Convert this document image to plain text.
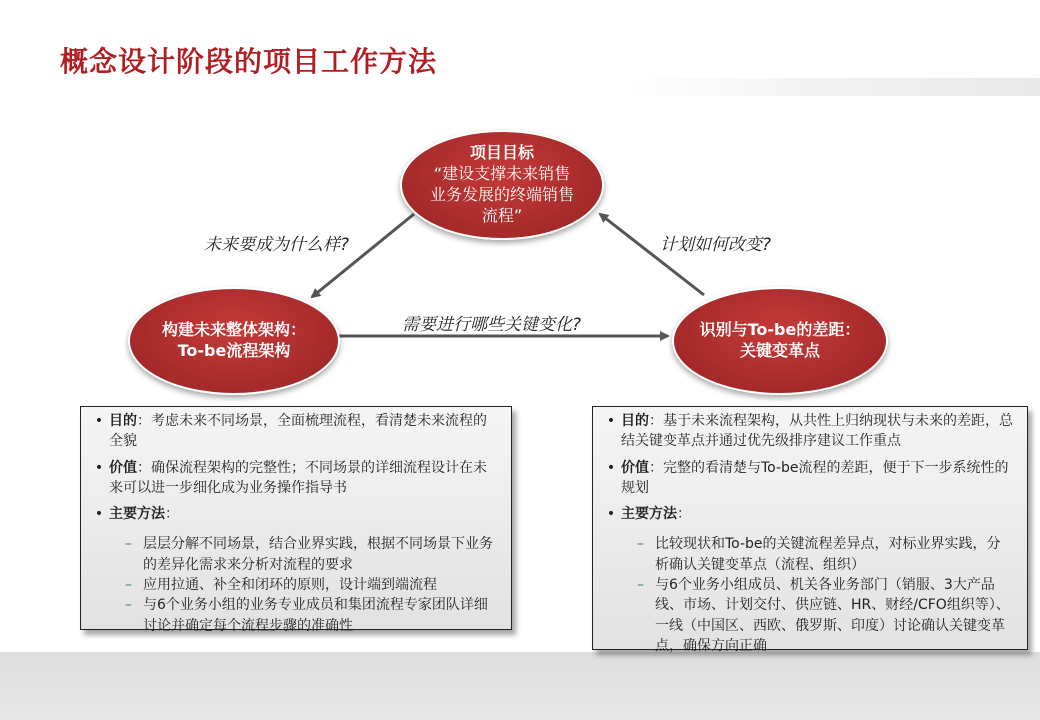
概念设计阶段的项目工作方法
项目目标
“建设支撑未来销售业务发展的终端销售流程”
构建未来整体架构：
To-be流程架构
识别与To-be的差距：
关键变革点
未来要成为什么样?	计划如何改变?
需要进行哪些关键变化?
• 目的：考虑未来不同场景，全面梳理流程，看清楚未来流程的全貌
• 价值：确保流程架构的完整性；不同场景的详细流程设计在未来可以进一步细化成为业务操作指导书
• 主要方法：
– 层层分解不同场景，结合业界实践，根据不同场景下业务的差异化需求来分析对流程的要求
– 应用拉通、补全和闭环的原则，设计端到端流程
– 与6个业务小组的业务专业成员和集团流程专家团队详细讨论并确定每个流程步骤的准确性
• 目的：基于未来流程架构，从共性上归纳现状与未来的差距，总结关键变革点并通过优先级排序建议工作重点
• 价值：完整的看清楚与To-be流程的差距，便于下一步系统性的规划
• 主要方法：
– 比较现状和To-be的关键流程差异点，对标业界实践，分析确认关键变革点（流程、组织）
– 与6个业务小组成员、机关各业务部门（销服、3大产品线、市场、计划交付、供应链、HR、财经/CFO组织等）、一线（中国区、西欧、俄罗斯、印度）讨论确认关键变革点，确保方向正确
